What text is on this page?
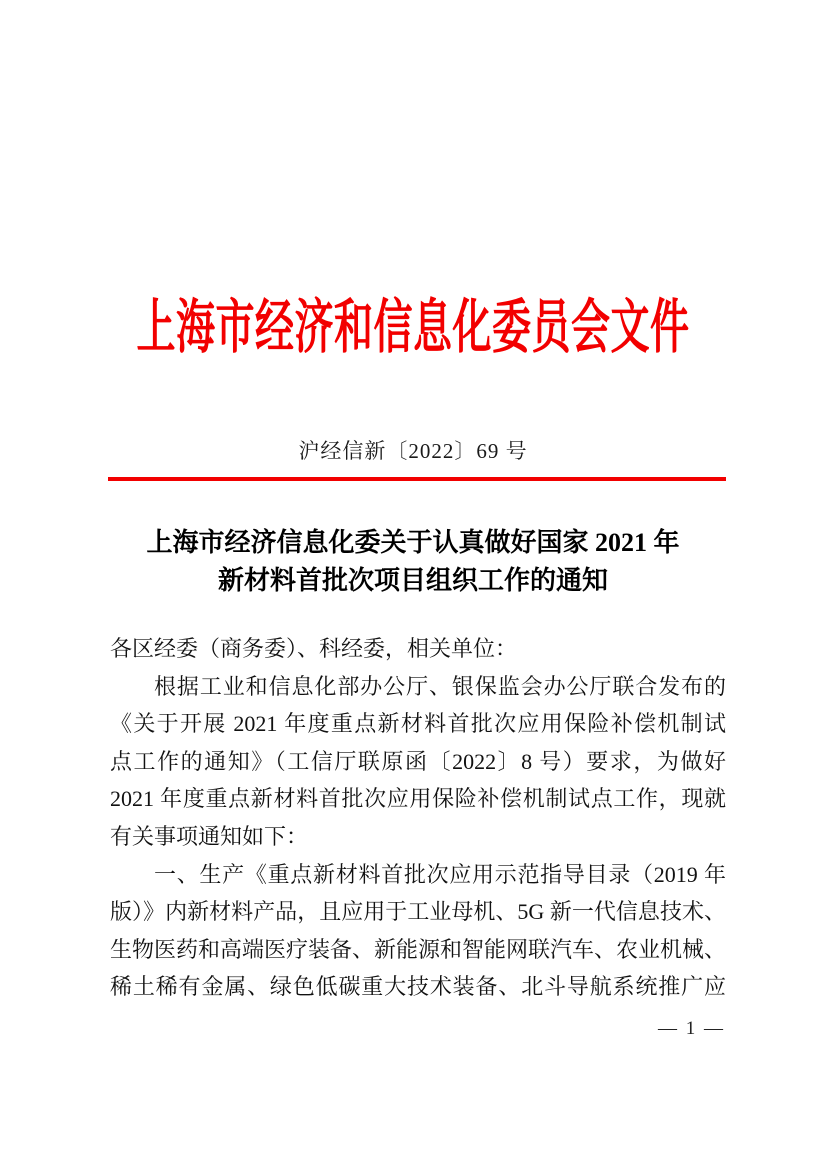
上海市经济和信息化委员会文件
沪经信新〔2022〕69 号
上海市经济信息化委关于认真做好国家 2021 年
新材料首批次项目组织工作的通知
各区经委（商务委）、科经委，相关单位：
根据工业和信息化部办公厅、银保监会办公厅联合发布的
《关于开展 2021 年度重点新材料首批次应用保险补偿机制试
点工作的通知》（工信厅联原函〔2022〕8 号）要求，为做好
2021 年度重点新材料首批次应用保险补偿机制试点工作，现就
有关事项通知如下：
一、生产《重点新材料首批次应用示范指导目录（2019 年
版）》内新材料产品，且应用于工业母机、5G 新一代信息技术、
生物医药和高端医疗装备、新能源和智能网联汽车、农业机械、
稀土稀有金属、绿色低碳重大技术装备、北斗导航系统推广应
— 1 —
